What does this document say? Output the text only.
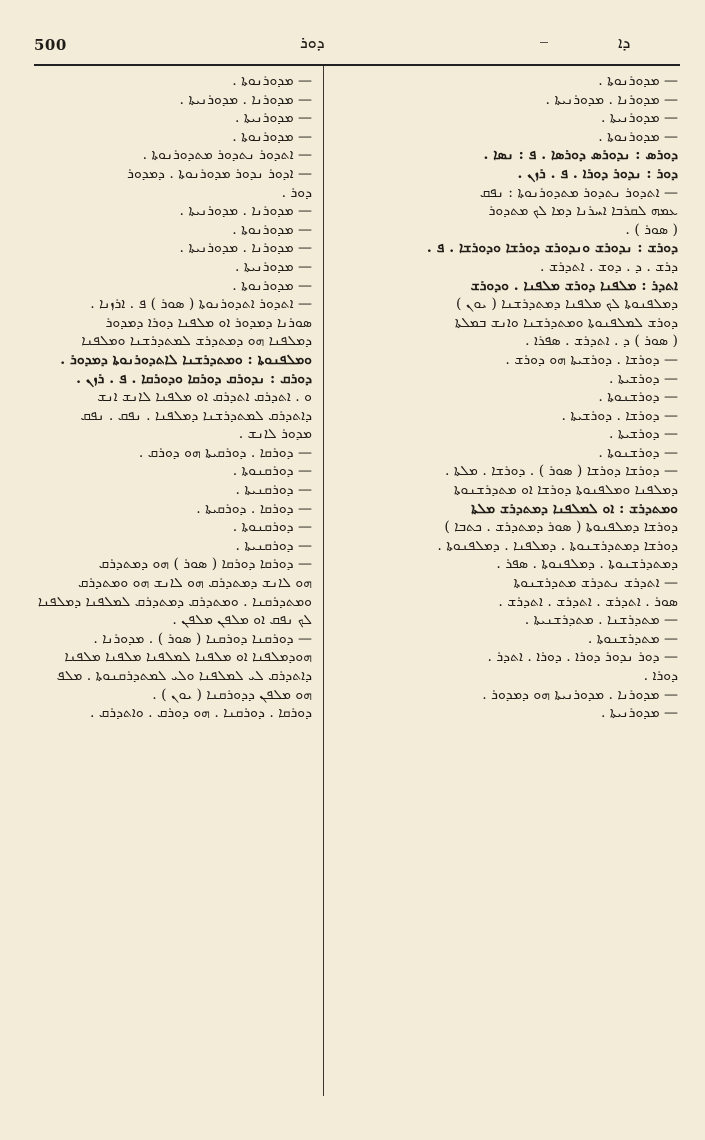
500	ܕܘܪ	ܕܐ
— ܡܕܘܪܢܘܬܐ .
— ܡܕܘܪܢܐ . ܡܕܘܪܢܝܬܐ .
— ܡܕܘܪܢܝܬܐ .
— ܡܕܘܪܢܘܬܐ .
ܕܘܪܣ : ܢܕܘܪܣ ܕܘܪܣܐ . ܦ : ܢܣܐ .
ܕܘܪ : ܢܕܘܪ ܕܘܪܐ . ܦ . ܪܙܢ .
— ܐܬܕܘܪ ܢܬܕܘܪ ܡܬܕܘܪܢܘܬܐ : ܢܦܩ
ܥܡܗ ܠܩܪܒܐ ܐܚܪܢܐ ܕܡܐ ܠܟ ܡܬܕܘܪ
( ܣܘܪ ) .
ܕܘܪܫ : ܢܕܘܪܫ ܘܢܕܘܪܫ ܕܘܪܫܐ ܘܕܘܪܫܐ . ܦ .
ܕܪܫ . ܕ . ܕܘܫ . ܐܬܕܪܫ .
ܐܬܕܪ : ܡܠܦܢܐ ܕܘܪܫ ܡܠܦܢܐ . ܘܕܘܪܫ
ܕܡܠܦܢܘܬܐ ܠܟ ܡܠܦܢܐ ܕܡܬܕܪܫܢܐ ( ܝܘܢ )
ܕܘܪܫ ܠܡܠܦܢܘܬܐ ܘܡܬܕܪܫܢܐ ܘܐܢܫ ܒܡܠܬܐ
( ܣܘܪ ) ܕ . ܐܬܕܪܫ . ܣܦܪܐ .
— ܕܘܪܫܐ . ܕܘܪܫܝܬܐ ܗܘ ܕܘܪܫ .
— ܕܘܪܫܝܬܐ .
— ܕܘܪܫܢܘܬܐ .
— ܕܘܪܫܐ . ܕܘܪܫܝܬܐ .
— ܕܘܪܫܝܬܐ .
— ܕܘܪܫܢܘܬܐ .
— ܕܘܪܫܐ ܕܘܪܫܐ ( ܣܘܪ ) . ܕܘܪܫܐ . ܡܠܬܐ .
ܕܡܠܦܢܐ ܘܡܠܦܢܘܬܐ ܕܘܪܫܐ ܐܘ ܡܬܕܪܫܢܘܬܐ
ܘܡܬܕܪܫ : ܐܘ ܠܡܠܦܢܐ ܕܡܬܕܪܫ ܡܠܬܐ
ܕܘܪܫܐ ܕܡܠܦܢܘܬܐ ( ܣܘܪ ܕܡܬܕܪܫ . ܟܬܒܐ )
ܕܘܪܫܐ ܕܡܬܕܪܫܢܘܬܐ . ܕܡܠܦܢܐ . ܕܡܠܦܢܘܬܐ .
ܕܡܬܕܪܫܢܘܬܐ . ܕܡܠܦܢܘܬܐ . ܣܦܪ .
— ܐܬܕܪܫ ܢܬܕܪܫ ܡܬܕܪܫܢܘܬܐ
ܣܘܪ . ܐܬܕܪܫ . ܐܬܕܪܫ . ܐܬܕܪܫ .
— ܡܬܕܪܫܢܐ . ܡܬܕܪܫܢܝܬܐ .
— ܡܬܕܪܫܢܘܬܐ .
— ܕܘܪ ܢܕܘܪ ܕܘܪܐ . ܕܘܪܐ . ܐܬܕܪ .
ܕܘܪܐ .
— ܡܕܘܪܢܐ . ܡܕܘܪܢܝܬܐ ܗܘ ܕܡܕܘܪ .
— ܡܕܘܪܢܝܬܐ .
— ܡܕܘܪܢܘܬܐ .
— ܡܕܘܪܢܐ . ܡܕܘܪܢܝܬܐ .
— ܡܕܘܪܢܝܬܐ .
— ܡܕܘܪܢܘܬܐ .
— ܐܬܕܘܪ ܢܬܕܘܪ ܡܬܕܘܪܢܘܬܐ .
— ܐܕܘܪ ܢܕܘܪ ܡܕܘܪܢܘܬܐ . ܕܡܕܘܪ
ܕܘܪ .
— ܡܕܘܪܢܐ . ܡܕܘܪܢܝܬܐ .
— ܡܕܘܪܢܘܬܐ .
— ܡܕܘܪܢܐ . ܡܕܘܪܢܝܬܐ .
— ܡܕܘܪܢܝܬܐ .
— ܡܕܘܪܢܘܬܐ .
— ܐܬܕܘܪ ܐܬܕܘܪܢܘܬܐ ( ܣܘܪ ) ܦ . ܐܪܙܢܐ .
ܣܘܪܢܐ ܕܡܕܘܪ ܐܘ ܡܠܦܢܐ ܕܘܪܐ ܕܡܕܘܪ
ܕܡܠܦܢܐ ܗܘ ܕܡܬܕܪܫ ܠܡܬܕܪܫܢܐ ܘܡܠܦܢܐ
ܘܡܠܦܢܘܬܐ : ܘܡܬܕܪܫܢܐ ܠܐܬܕܘܪܢܘܬܐ ܕܡܕܘܪ .
ܕܘܪܩ : ܢܕܘܪܩ ܕܘܪܩܐ ܘܕܘܪܩܐ . ܦ . ܪܙܢ .
ܘ . ܐܬܕܪܩ ܐܬܕܪܩ ܐܘ ܡܠܦܢܐ ܠܐܢܫ ܐܢܫ
ܕܐܬܕܪܩ ܠܡܬܕܪܫܢܐ ܕܡܠܦܢܐ . ܢܦܩ . ܢܦܩ
ܡܕܘܪ ܠܐܢܫ .
— ܕܘܪܩܐ . ܕܘܪܩܝܬܐ ܗܘ ܕܘܪܩ .
— ܕܘܪܩܢܘܬܐ .
— ܕܘܪܩܢܝܬܐ .
— ܕܘܪܩܐ . ܕܘܪܩܝܬܐ .
— ܕܘܪܩܢܘܬܐ .
— ܕܘܪܩܢܝܬܐ .
— ܕܘܪܩܐ ܕܘܪܩܐ ( ܣܘܪ ) ܗܘ ܕܡܬܕܪܩ
ܗܘ ܠܐܢܫ ܕܡܬܕܪܩ ܗܘ ܠܐܢܫ ܗܘ ܘܡܬܕܪܩ
ܘܡܬܕܪܩܢܐ . ܘܡܬܕܪܩ ܕܡܬܕܪܩ ܠܡܠܦܢܐ ܕܡܠܦܢܐ
ܠܟ ܢܦܩ ܐܘ ܡܠܦܢ ܡܠܦܢ .
— ܕܘܪܩܢܐ ܕܘܪܩܢܐ ( ܣܘܪ ) . ܡܕܘܪܢܐ .
ܗܘܕܡܠܦܢܐ ܐܘ ܡܠܦܢܐ ܠܡܠܦܢܐ ܡܠܦܢܐ ܡܠܦܢܐ
ܕܐܬܕܪܩ ܠܝ ܠܡܠܦܢܐ ܘܠܝ ܠܡܬܕܪܩܢܘܬܐ . ܡܠܦ
ܗܘ ܡܠܦܢ ܕܕܘܪܩܢܐ ( ܝܘܢ ) .
ܕܘܪܩܐ . ܕܘܪܩܢܐ . ܗܘ ܕܘܪܩ . ܘܐܬܕܪܩ .
